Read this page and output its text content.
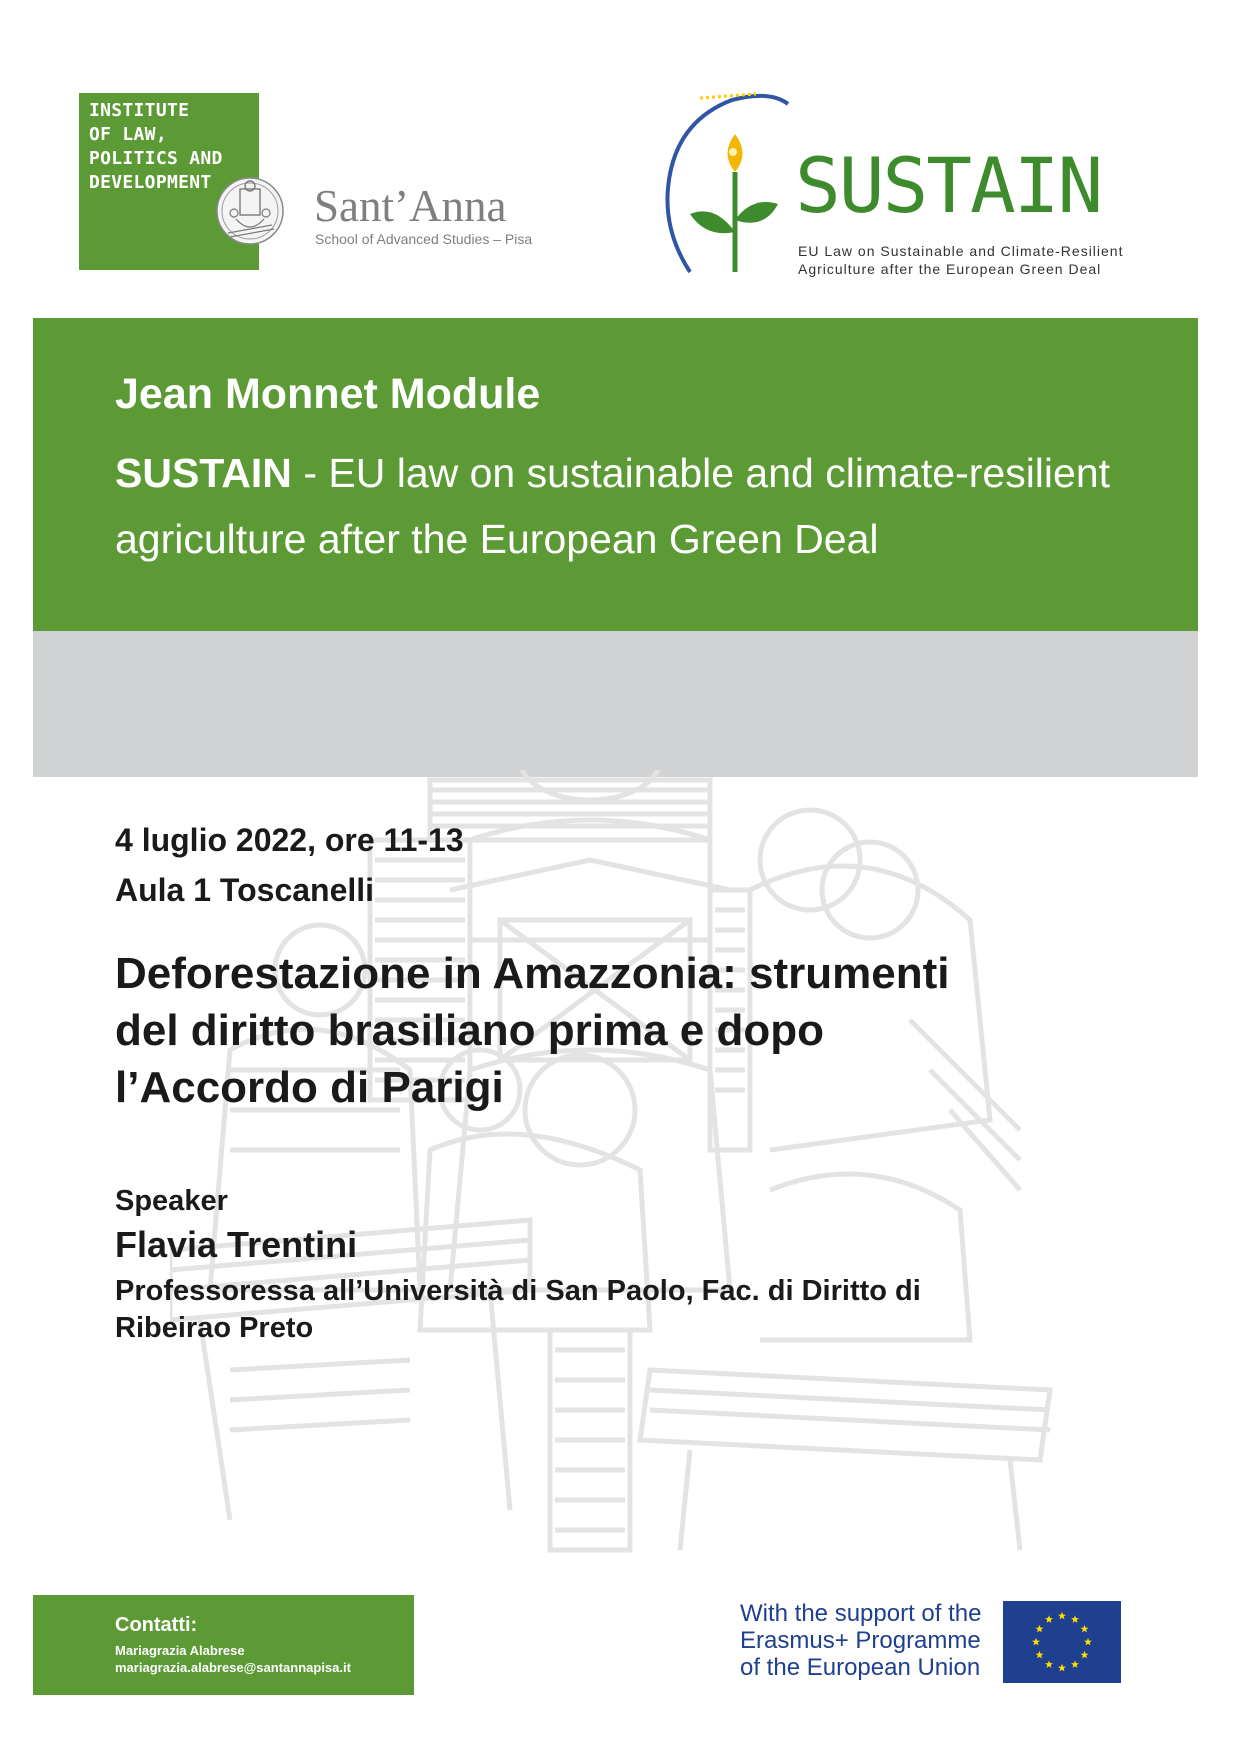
INSTITUTE
OF LAW,
POLITICS AND
DEVELOPMENT Sant’Anna
School of Advanced Studies – Pisa
SUSTAIN
EU Law on Sustainable and Climate-Resilient
Agriculture after the European Green Deal
Jean Monnet Module
SUSTAIN - EU law on sustainable and climate-resilient agriculture after the European Green Deal
4 luglio 2022, ore 11-13
Aula 1 Toscanelli
Deforestazione in Amazzonia: strumenti
del diritto brasiliano prima e dopo
l’Accordo di Parigi
Speaker
Flavia Trentini
Professoressa all’Università di San Paolo, Fac. di Diritto di
Ribeirao Preto
Contatti:
Mariagrazia Alabrese
mariagrazia.alabrese@santannapisa.it
With the support of the
Erasmus+ Programme
of the European Union
